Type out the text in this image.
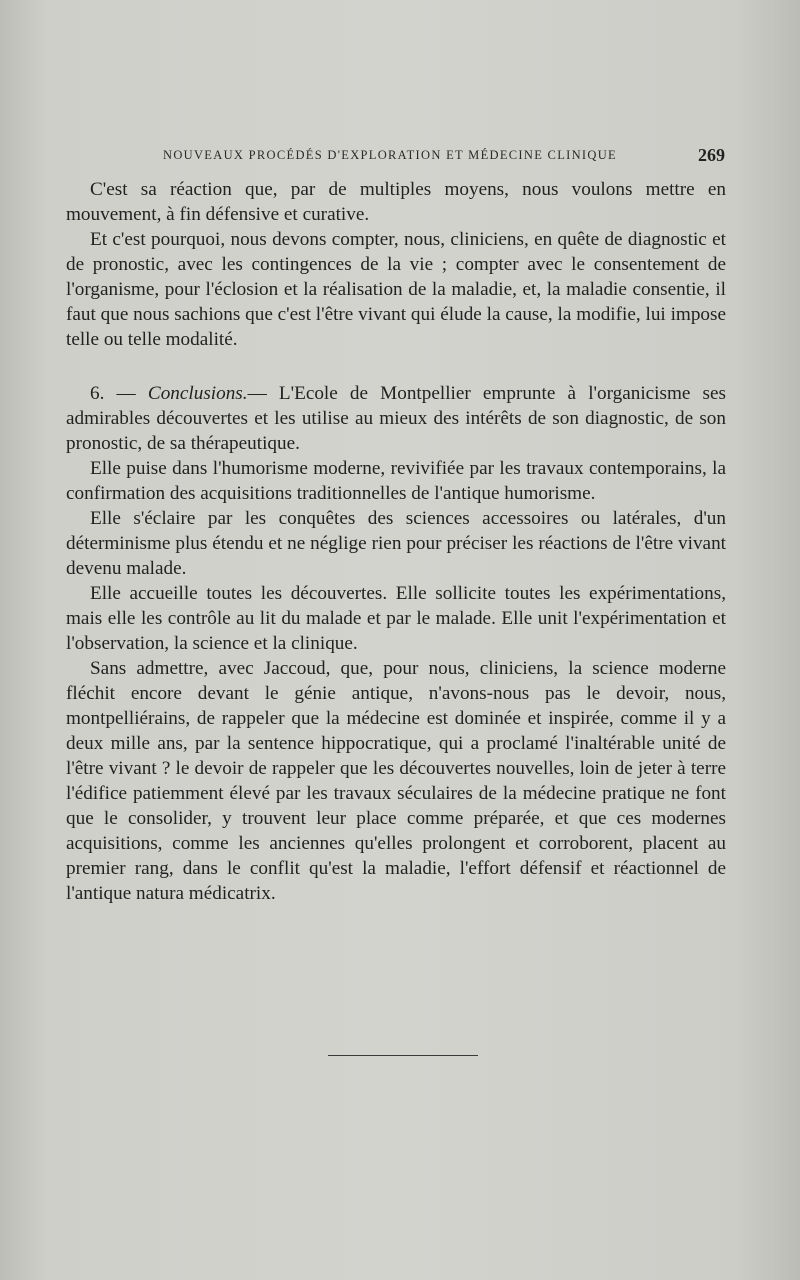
NOUVEAUX PROCÉDÉS D'EXPLORATION ET MÉDECINE CLINIQUE	269

C'est sa réaction que, par de multiples moyens, nous voulons mettre en mouvement, à fin défensive et curative.

Et c'est pourquoi, nous devons compter, nous, cliniciens, en quête de diagnostic et de pronostic, avec les contingences de la vie ; compter avec le consentement de l'organisme, pour l'éclosion et la réalisation de la maladie, et, la maladie consentie, il faut que nous sachions que c'est l'être vivant qui élude la cause, la modifie, lui impose telle ou telle modalité.

6. — Conclusions.— L'Ecole de Montpellier emprunte à l'organicisme ses admirables découvertes et les utilise au mieux des intérêts de son diagnostic, de son pronostic, de sa thérapeutique.

Elle puise dans l'humorisme moderne, revivifiée par les travaux contemporains, la confirmation des acquisitions traditionnelles de l'antique humorisme.

Elle s'éclaire par les conquêtes des sciences accessoires ou latérales, d'un déterminisme plus étendu et ne néglige rien pour préciser les réactions de l'être vivant devenu malade.

Elle accueille toutes les découvertes. Elle sollicite toutes les expérimentations, mais elle les contrôle au lit du malade et par le malade. Elle unit l'expérimentation et l'observation, la science et la clinique.

Sans admettre, avec Jaccoud, que, pour nous, cliniciens, la science moderne fléchit encore devant le génie antique, n'avons-nous pas le devoir, nous, montpelliérains, de rappeler que la médecine est dominée et inspirée, comme il y a deux mille ans, par la sentence hippocratique, qui a proclamé l'inaltérable unité de l'être vivant ? le devoir de rappeler que les découvertes nouvelles, loin de jeter à terre l'édifice patiemment élevé par les travaux séculaires de la médecine pratique ne font que le consolider, y trouvent leur place comme préparée, et que ces modernes acquisitions, comme les anciennes qu'elles prolongent et corroborent, placent au premier rang, dans le conflit qu'est la maladie, l'effort défensif et réactionnel de l'antique natura médicatrix.
